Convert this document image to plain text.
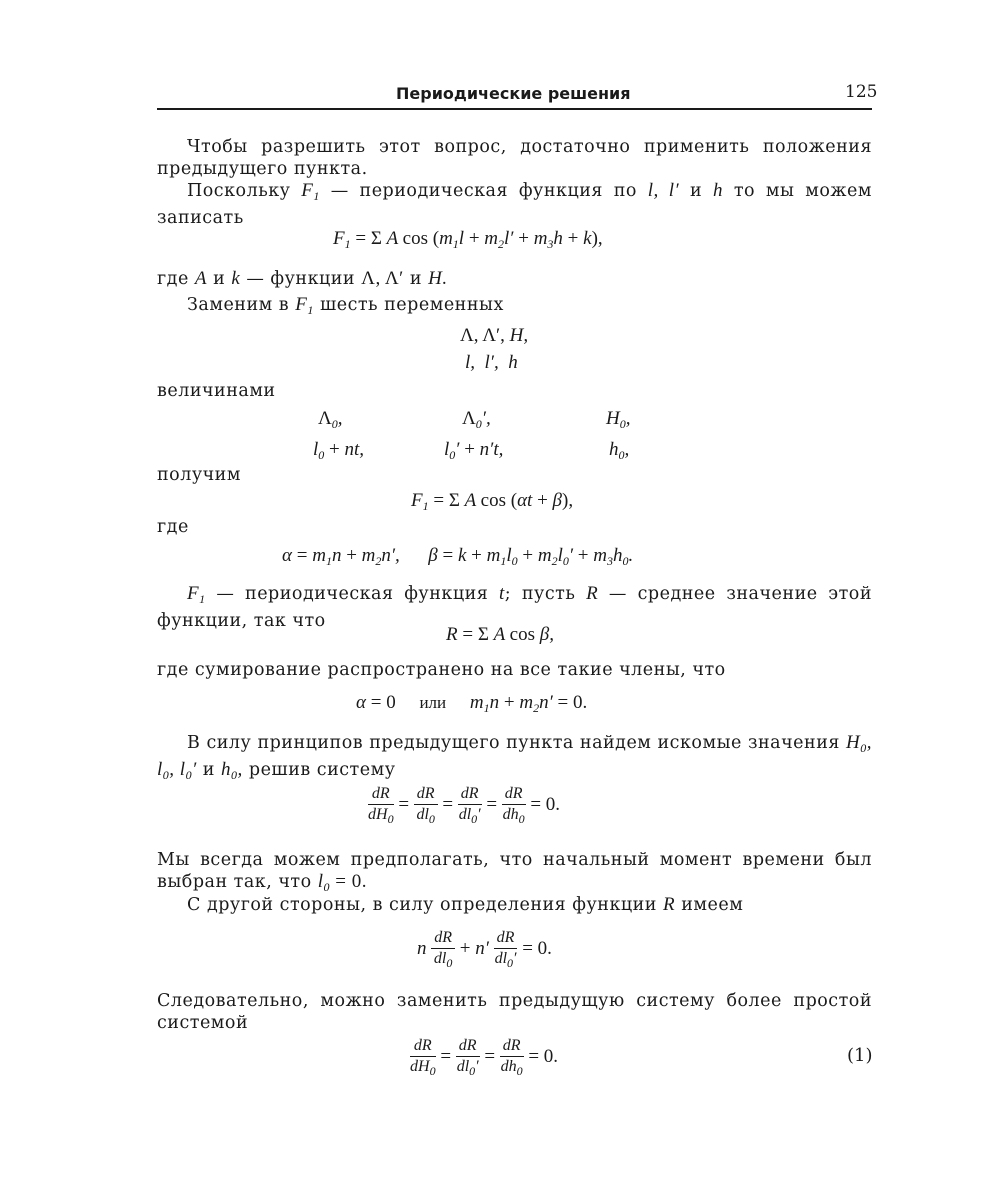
Периодические решения	125
Чтобы разрешить этот вопрос, достаточно применить положения предыдущего пункта.
Поскольку $F_1$ — периодическая функция по l, l′ и h то мы можем записать
$F_1 = \Sigma$ A $\cos (m_1l + m_2l' + m_3h + k)$,
где A и k — функции Λ, Λ′ и H.
Заменим в $F_1$ шесть переменных
Λ, Λ′, H,
l,  l′,  h
величинами
$\Lambda_0$,	$\Lambda_0'$,	$H_0$,
$l_0$ + nt,	$l_0' + n't$,	$h_0$,
получим
$F_1 = \Sigma$ A cos (αt + β),
где
$\alpha = m_1n + m_2n'$,      $\beta = k + m_1l_0 + m_2l_0' + m_3h_0$.
$F_1$ — периодическая функция t; пусть R — среднее значение этой функции, так что
R = Σ A cos β,
где сумирование распространено на все такие члены, что
α = 0 или     $m_1n + m_2n' = 0$.
В силу принципов предыдущего пункта найдем искомые значения $H_0$, $l_0$, $l_0'$ и $h_0$, решив систему
$\frac{dR}{dH_0} = \frac{dR}{dl_0} = \frac{dR}{dl_0'} = \frac{dR}{dh_0} = 0$.
Мы всегда можем предполагать, что начальный момент времени был выбран так, что $l_0 = 0$.
С другой стороны, в силу определения функции R имеем
n $\frac{dR}{dl_0} + n' \frac{dR}{dl_0'} = 0$.
Следовательно, можно заменить предыдущую систему более простой системой
$\frac{dR}{dH_0} = \frac{dR}{dl_0'} = \frac{dR}{dh_0} = 0$.	(1)
